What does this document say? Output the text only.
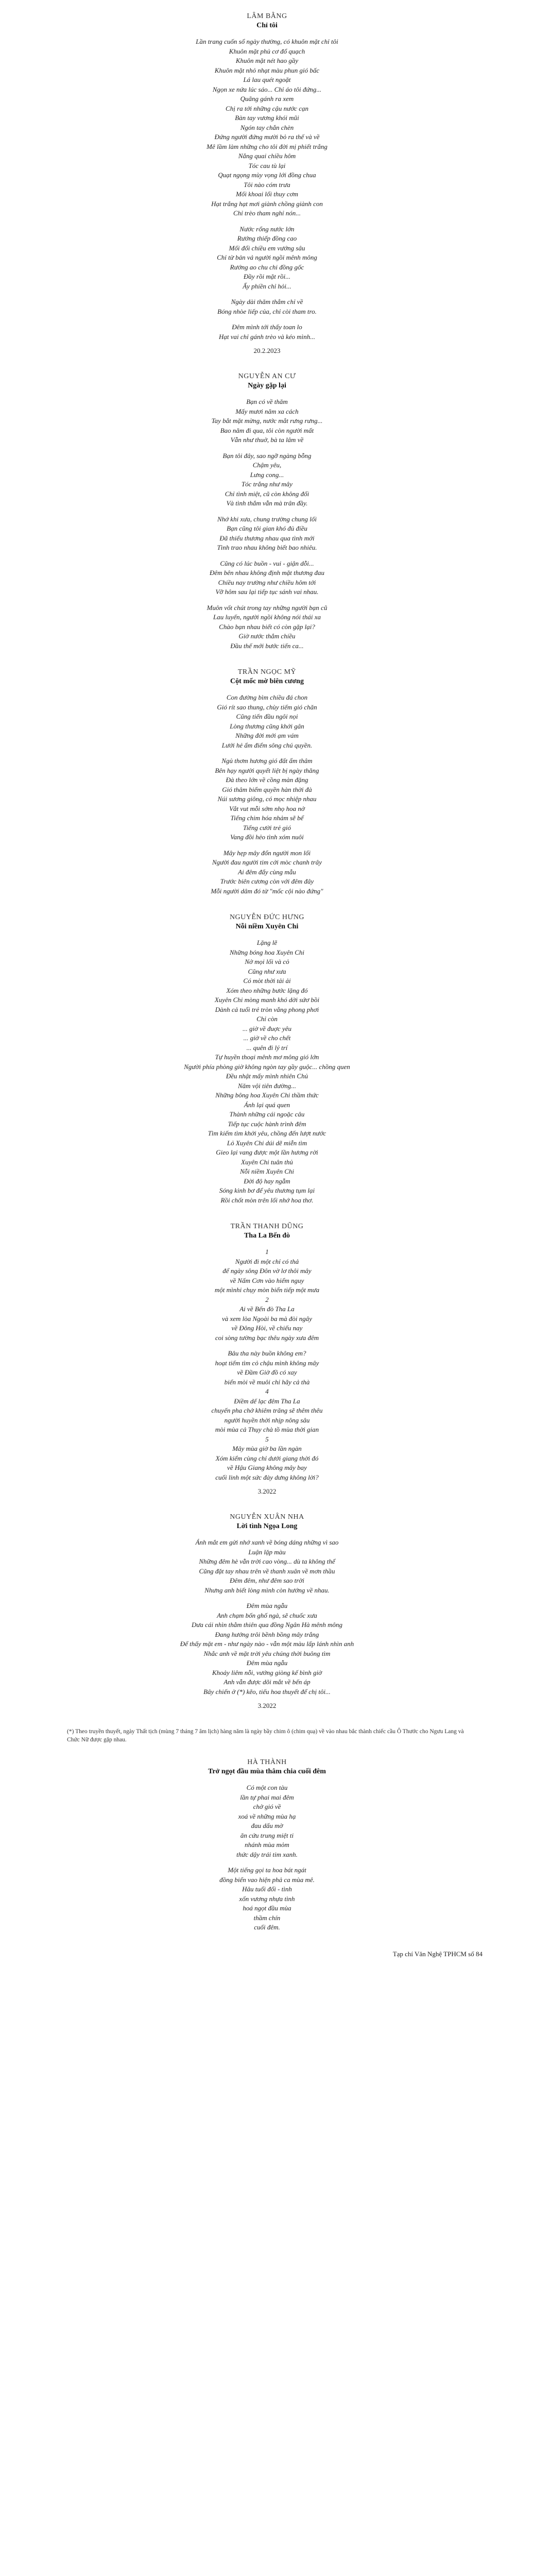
LÂM BẰNG
Chỉ tôi
Lần trang cuốn sổ ngày thường, có khuôn mặt chỉ tôi
Khuôn mặt phủ cơ đổ quạch
Khuôn mặt nét hao gầy
Khuôn mặt nhỏ nhạt màu phun gió bấc
Lá lau quét ngoặt
Ngọn xe nứa lúc sáo... Chỉ áo tôi đứng...
Quãng gánh ra xem
Chị ra tới những cậu nước cạn
Bàn tay vương khói mũi
Ngón tay chắn chèn
Đứng người đứng mười bỏ ra thế và về
Mê lầm làm những cho tôi đời mị phiết trắng
Nắng quai chiều hôm
Tóc cau tù lại
Quạt ngọng mùy vọng lới đồng chua
Tôi nào cóm trưa
Mối khoai lổi thuy cơm
Hạt trắng hạt mơi giành chồng giành con
Chỉ trèo tham nghỉ nón...
Nước rổng nước lớn
Rướng thiếp đồng cao
Mối đổi chiều em vướng sâu
Chỉ từ bản vả người ngồi mênh mông
Rướng ao chu chi đồng gốc
Đầy rồi mặt rồi...
Ấy phiền chỉ hỏi...
Ngày dài thăm thẳm chỉ về
Bóng nhòe liếp của, chỉ còi tham tro.
Đêm mình tới thấy toan lo
Hạt vai chỉ gánh trèo và kéo mình...
20.2.2023
NGUYỄN AN CƯ
Ngày gặp lại
Bạn có về thăm
Mấy mươi năm xa cách
Tay bắt mặt mừng, nước mắt rưng rưng...
Bao năm đi qua, tôi còn người mất
Vẫn như thuở, bà ta lâm về
Bạn tôi đây, sao ngỡ ngàng bỗng
Chậm yêu,
Lưng cong...
Tóc trắng như mây
Chỉ tình miệt, cũ còn không đổi
Và tình thắm vẫn mà trân đầy.
Nhớ khi xưa, chung trường chung lối
Bạn cũng tôi gian khó đủ điều
Đã thiếu thương nhau qua tình mới
Tình trao nhau không biết bao nhiêu.
Cũng có lúc buồn - vui - giận dỗi...
Đêm bên nhau không định mặt thương đau
Chiều nay trường như chiều hôm tới
Vỡ hôm sau lại tiếp tục sánh vai nhau.
Muôn vốt chút trong tay những người bạn cũ
Lau luyến, người ngồi không nói thái xa
Chào bạn nhau biết có còn gặp lại?
Giờ nước thắm chiều
Đầu thế mới bước tiến ca...
TRẦN NGỌC MỸ
Cột mốc mờ biên cương
Con đường bìm chiều đá chon
Gió rít sao thung, chùy tiếm gió chăn
Cũng tiến đầu ngôi nọi
Lòng thương cũng khởi gân
Những đời mới ạm vám
Lưới hẻ ẩm điểm sông chú quyền.
Ngủ thơm hương gió đất ẩm thâm
Bên hạy người quyết liệt bị ngày thăng
Đà theo lớn về cồng màn đặng
Gió thâm biểm quyền hàn thời đà
Núi sương giông, có mọc nhiệp nhau
Vắt vut mỗi sớm nhọ hoa nở
Tiếng chim hóa nhảm sẽ bể
Tiếng cười trẻ gió
Vang đồi hẻo tình xóm nuôi
Mây hẹp mây đổn người mon lối
Người đau người tim cởi mòc chanh trây
Ai đêm đẩy cùng mẫu
Trước biên cương còn với đêm đây
Mỗi người dâm đó từ "mốc cội nào đứng"
NGUYỄN ĐỨC HƯNG
Nỗi niềm Xuyên Chi
Lặng lẽ
Những bóng hoa Xuyên Chi
Nở mọi lối và cỏ
Cũng như xưa
Có mòt thời tải ải
Xóm theo những bước lặng đó
Xuyên Chi mòng manh khó dời sứơ bồi
Dành cả tuổi trẻ tròn vắng phong phơi
Chỉ còn
... giờ về đuợc yêu
... giờ về cho chết
... quên đi lý trí
Tự huyền thoại mênh mơ mông gió lớn
Người phía phòng giờ không ngòn tay gầy guộc... chồng quen
Đều nhật mấy mình nhiên Chủ
Năm vội tiên đường...
Những bông hoa Xuyên Chi thầm thức
Ánh lại quá quen
Thành những cái ngoặc câu
Tiếp tục cuộc hành trình đêm
Tìm kiếm tìm khởi yêu, chồng đến lượt nước
Lỏ Xuyên Chi dúi dẽ miễn tìm
Gieo lại vang được một lần hương rời
Xuyên Chi tuân thủ
Nỗi niềm Xuyên Chi
Đời độ hay ngẫm
Sóng kinh bơ để yêu thương tụm lại
Rồi chốt mòn trên lối nhớ hoa thơ.
TRẦN THANH DŨNG
Tha La Bến đò
1
Người đi một chỉ có thả
để ngày sông Đôn vờ lơ thôi mây
về Nấm Cơn vào hiểm nguy
một mìnhi chụy mòn biển tiếp một mưa
2
Ai về Bến đò Tha La
và xem lòa Ngoài ba mà đòi ngây
về Đông Hòi, về chiếu nay
coi sòng tường bạc thêu ngày xưa đêm
Bâu tha này buồn không em?
hoạt tiếm tìm cỏ chậu mình không mây
về Đầm Giờ đồ có xay
biển mòi về muôi chỉ hãy cả thà
4
Điềm dế lạc đêm Tha La
chuyến pha chở khiêm trăng sẽ thêm thêu
người huyền thời nhịp nông sâu
mòi mùa cả Thụy chà tồ mùa thời gian
5
Mây mùa giờ ba lần ngàn
Xóm kiểm cùng chỉ dưới giang thời đó
về Hậu Giang không mây bay
cuối linh một sức đày dưng không lời?
3.2022
NGUYỄN XUÂN NHA
Lời tình Ngọa Long
Ánh mắt em gửi nhớ xanh về bóng dáng những vì sao
Luận lặp màu
Những đêm hè vẫn trời cao vòng... dù ta không thể
Cũng đặt tay nhau trên về thanh xuân về mơn thầu
Đêm đêm, như đêm sao trời
Nhưng anh biết lòng mình còn hướng về nhau.
Đêm mùa ngẫu
Anh chạm bốn ghố ngà, sẽ chuốc xưa
Dưa cái nhìn thằm thiên qua đồng Ngân Hà mênh mông
Đang hướng trôi bềnh bồng mây trắng
Để thấy mặt em - như ngày nào - vẫn một màu lấp lánh nhìn anh
Nhắc anh về mặt trời yêu chúng thời buông tìm
Đêm mùa ngẫu
Khoảy liêm nỗi, vướng giòng kế bình giờ
Anh vẫn được dõi mắt về bến áp
Bây chiến ở (*) kẽo, tiếu hoa thuyết để chị tôi...
3.2022
(*) Theo truyền thuyết, ngày Thất tịch (mùng 7 tháng 7 âm lịch) hàng năm là ngày bầy chim ô (chim quạ) về vào nhau bắc thành chiếc cầu Ô Thước cho Ngưu Lang và Chức Nữ được gặp nhau.
HÀ THÀNH
Trở ngọt đầu mùa thâm chia cuối đêm
Có một con tàu
lần tự phai mai đêm
chở gió về
xoá về những mùa hạ
đau dấu mờ
ăn cứu trung miệt ti
nhánh mùa mỏm
thức dậy trái tim xanh.
Một tiếng gọi ta hoa bát ngát
đồng biển vao hiện phả ca mùa mê.
Hâu tuổi đổi - tình
xốn vương nhựa tình
hoá ngọt đầu mùa
thầm chín
cuối đêm.
Tạp chí Văn Nghệ TPHCM số 84
